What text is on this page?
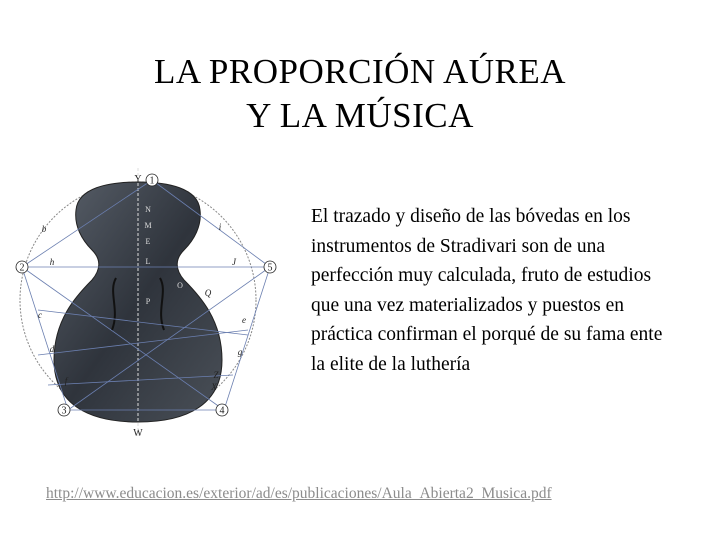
LA PROPORCIÓN AÚREA
Y LA MÚSICA
1
2
3	4
5
Y
W
b
h
c
d
f
i
J
Q
e
g
Z
X
N
M
E
L
O
P
El trazado y diseño de las bóvedas en los instrumentos de Stradivari son de una perfección muy calculada, fruto de estudios que una vez materializados y puestos en práctica confirman el porqué de su fama ente la elite de la luthería
http://www.educacion.es/exterior/ad/es/publicaciones/Aula_Abierta2_Musica.pdf
